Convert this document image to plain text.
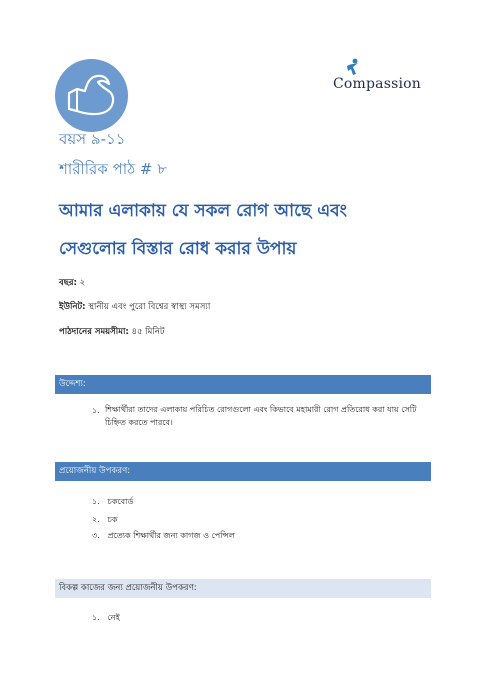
Compassion
বয়স ৯-১১
শারীরিক পাঠ # ৮
আমার এলাকায় যে সকল রোগ আছে এবং
সেগুলোর বিস্তার রোধ করার উপায়
বছর: ২
ইউনিট: স্থানীয় এবং পুরো বিশ্বের স্বাস্থ্য সমস্যা
পাঠদানের সময়সীমা: ৪৫ মিনিট
উদ্দেশ্য:
১. শিক্ষার্থীরা তাদের এলাকায় পরিচিত রোগগুলো এবং কিভাবে মহামারী রোগ প্রতিরোধ করা যায় সেটি চিহ্নিত করতে পারবে।
প্রয়োজনীয় উপকরণ:
১. চকবোর্ড
২. চক
৩. প্রত্যেক শিক্ষার্থীর জন্য কাগজ ও পেন্সিল
বিকল্প কাজের জন্য প্রয়োজনীয় উপকরণ:
১. নেই
